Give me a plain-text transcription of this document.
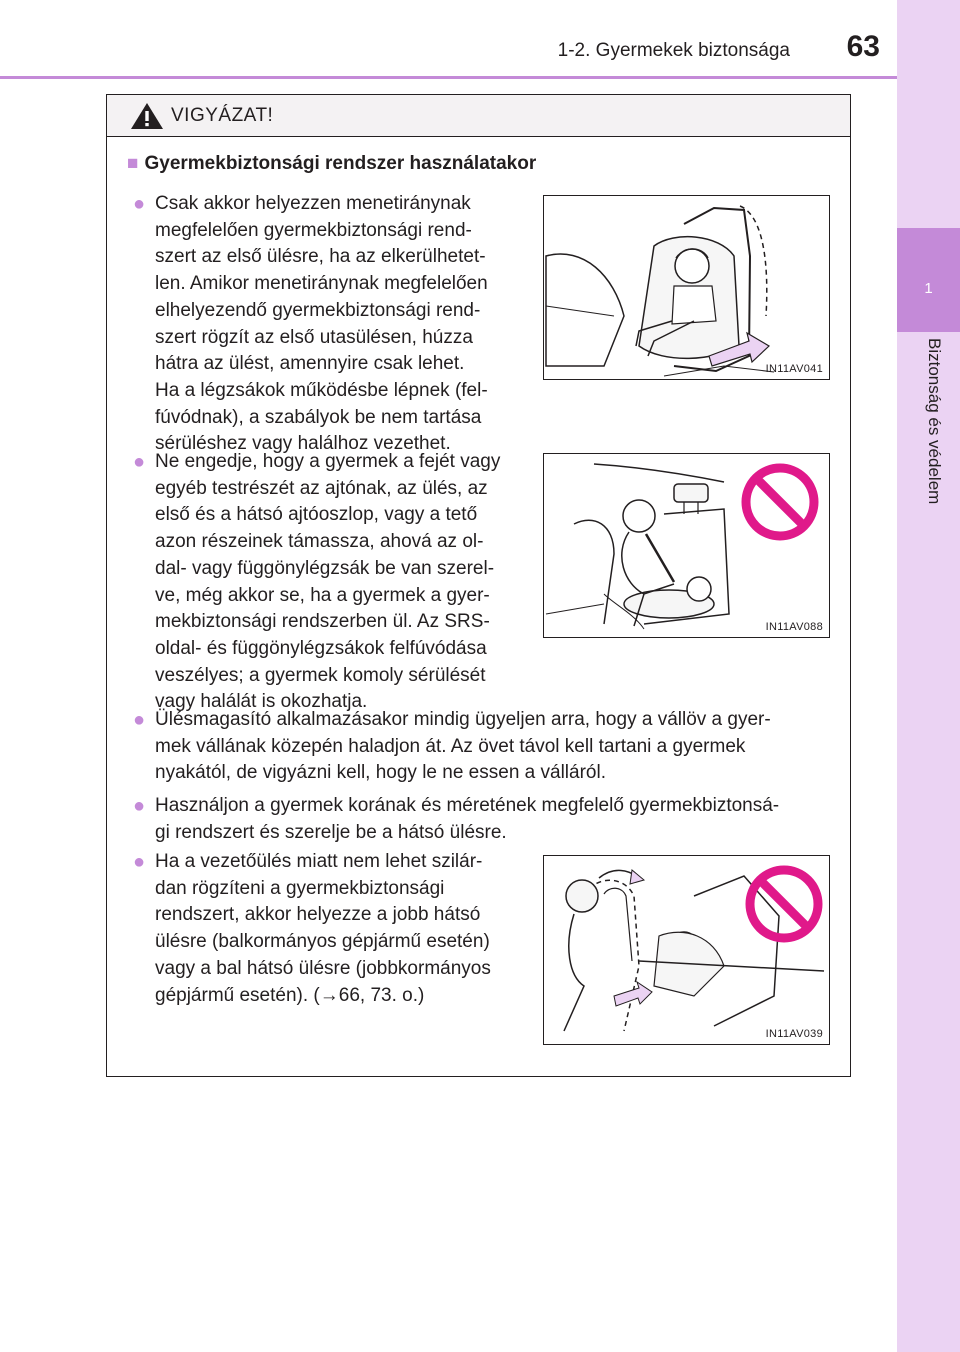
1-2. Gyermekek biztonsága	63
1
Biztonság és védelem
VIGYÁZAT!
■ Gyermekbiztonsági rendszer használatakor
● Csak akkor helyezzen menetiránynak

megfelelően gyermekbiztonsági rend-

szert az első ülésre, ha az elkerülhetet-

len. Amikor menetiránynak megfelelően

elhelyezendő gyermekbiztonsági rend-

szert rögzít az első utasülésen, húzza

hátra az ülést, amennyire csak lehet.

Ha a légzsákok működésbe lépnek (fel-

fúvódnak), a szabályok be nem tartása

sérüléshez vagy halálhoz vezethet.

IN11AV041
● Ne engedje, hogy a gyermek a fejét vagy

egyéb testrészét az ajtónak, az ülés, az

első és a hátsó ajtóoszlop, vagy a tető

azon részeinek támassza, ahová az ol-

dal- vagy függönylégzsák be van szerel-

ve, még akkor se, ha a gyermek a gyer-

mekbiztonsági rendszerben ül. Az SRS-

oldal- és függönylégzsákok felfúvódása

veszélyes; a gyermek komoly sérülését

vagy halálát is okozhatja.

IN11AV088
● Ülésmagasító alkalmazásakor mindig ügyeljen arra, hogy a vállöv a gyer-

mek vállának közepén haladjon át. Az övet távol kell tartani a gyermek

nyakától, de vigyázni kell, hogy le ne essen a válláról.

● Használjon a gyermek korának és méretének megfelelő gyermekbiztonsá-

gi rendszert és szerelje be a hátsó ülésre.

● Ha a vezetőülés miatt nem lehet szilár-

dan rögzíteni a gyermekbiztonsági

rendszert, akkor helyezze a jobb hátsó

ülésre (balkormányos gépjármű esetén)

vagy a bal hátsó ülésre (jobbkormányos

gépjármű esetén). (→66, 73. o.)

IN11AV039
